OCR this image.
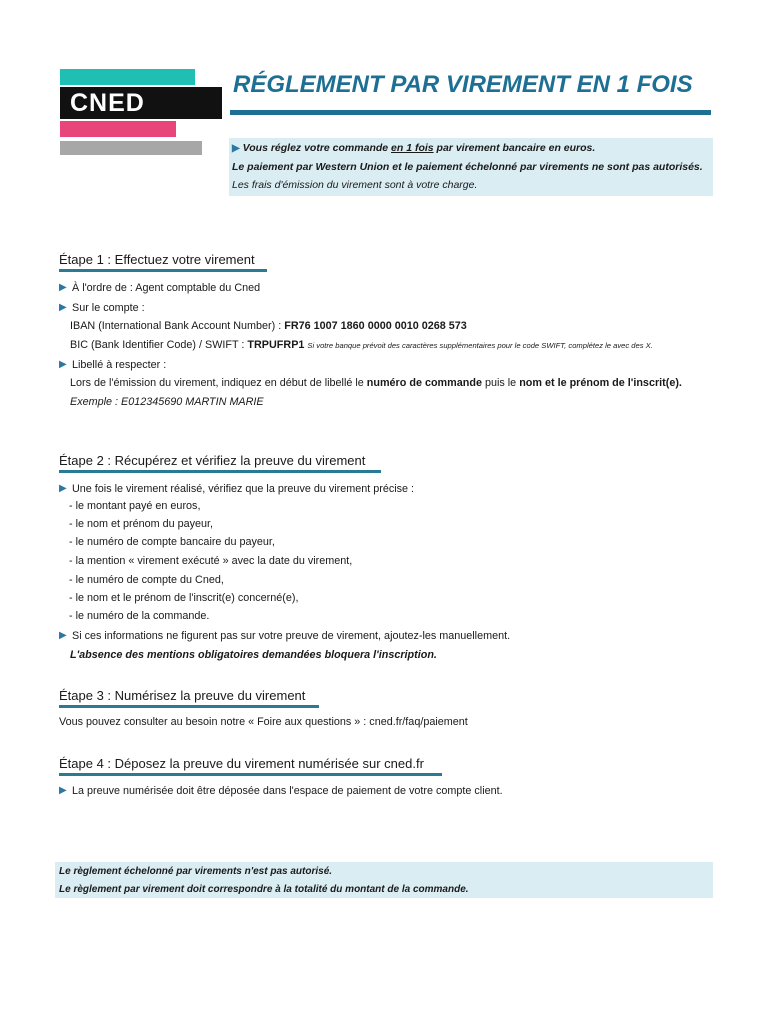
CNED
RÉGLEMENT PAR VIREMENT EN 1 FOIS
▶ Vous réglez votre commande en 1 fois par virement bancaire en euros.
Le paiement par Western Union et le paiement échelonné par virements ne sont pas autorisés.
Les frais d'émission du virement sont à votre charge.
Étape 1 : Effectuez votre virement
▶ À l'ordre de : Agent comptable du Cned
▶ Sur le compte :
IBAN (International Bank Account Number) : FR76 1007 1860 0000 0010 0268 573
BIC (Bank Identifier Code) / SWIFT : TRPUFRP1 Si votre banque prévoit des caractères supplémentaires pour le code SWIFT, complétez le avec des X.
▶ Libellé à respecter :
Lors de l'émission du virement, indiquez en début de libellé le numéro de commande puis le nom et le prénom de l'inscrit(e).
Exemple : E012345690 MARTIN MARIE
Étape 2 : Récupérez et vérifiez la preuve du virement
▶ Une fois le virement réalisé, vérifiez que la preuve du virement précise :
- le montant payé en euros,
- le nom et prénom du payeur,
- le numéro de compte bancaire du payeur,
- la mention « virement exécuté » avec la date du virement,
- le numéro de compte du Cned,
- le nom et le prénom de l'inscrit(e) concerné(e),
- le numéro de la commande.
▶ Si ces informations ne figurent pas sur votre preuve de virement, ajoutez-les manuellement.
L'absence des mentions obligatoires demandées bloquera l'inscription.
Étape 3 : Numérisez la preuve du virement
Vous pouvez consulter au besoin notre « Foire aux questions » : cned.fr/faq/paiement
Étape 4 : Déposez la preuve du virement numérisée sur cned.fr
▶ La preuve numérisée doit être déposée dans l'espace de paiement de votre compte client.
Le règlement échelonné par virements n'est pas autorisé.
Le règlement par virement doit correspondre à la totalité du montant de la commande.
